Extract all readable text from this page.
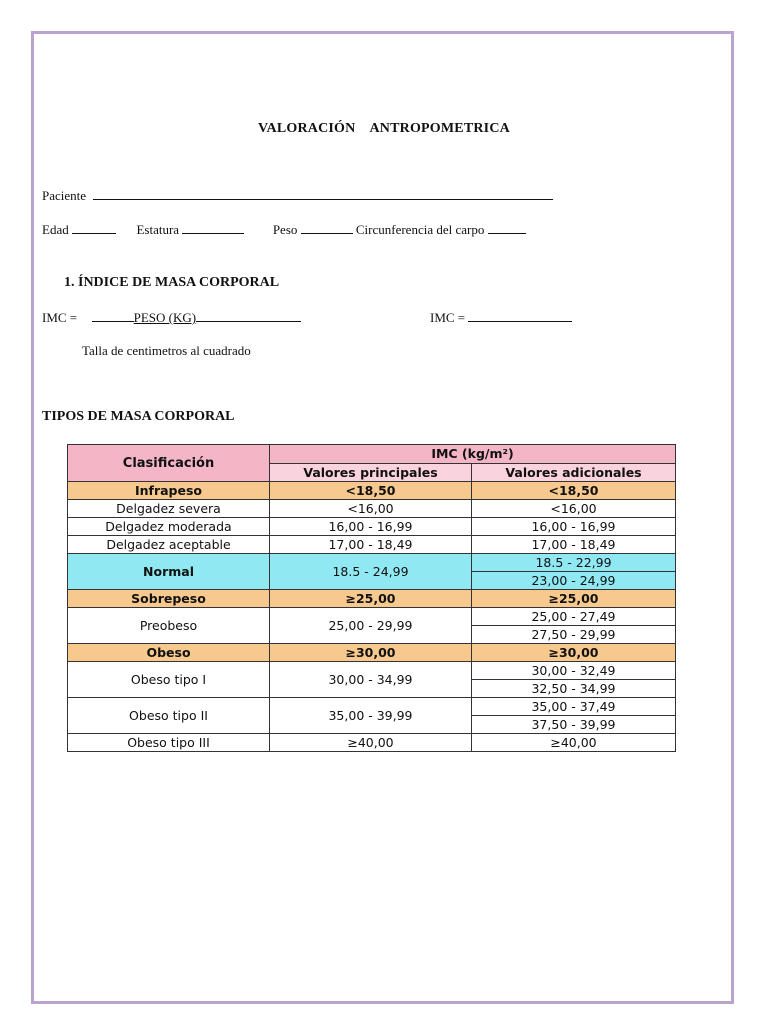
VALORACIÓN ANTROPOMETRICA
Paciente
Edad	Estatura	Peso	Circunferencia del carpo
1. ÍNDICE DE MASA CORPORAL
IMC =	PESO (KG)	IMC =
Talla de centimetros al cuadrado
TIPOS DE MASA CORPORAL
Clasificación	IMC (kg/m²)	
	Valores principales	Valores adicionales
Infrapeso	<18,50	<18,50
Delgadez severa	<16,00	<16,00
Delgadez moderada	16,00 - 16,99	16,00 - 16,99
Delgadez aceptable	17,00 - 18,49	17,00 - 18,49
Normal	18.5 - 24,99	18.5 - 22,99
		23,00 - 24,99
Sobrepeso	≥25,00	≥25,00
Preobeso	25,00 - 29,99	25,00 - 27,49
		27,50 - 29,99
Obeso	≥30,00	≥30,00
Obeso tipo I	30,00 - 34,99	30,00 - 32,49
		32,50 - 34,99
Obeso tipo II	35,00 - 39,99	35,00 - 37,49
		37,50 - 39,99
Obeso tipo III	≥40,00	≥40,00
